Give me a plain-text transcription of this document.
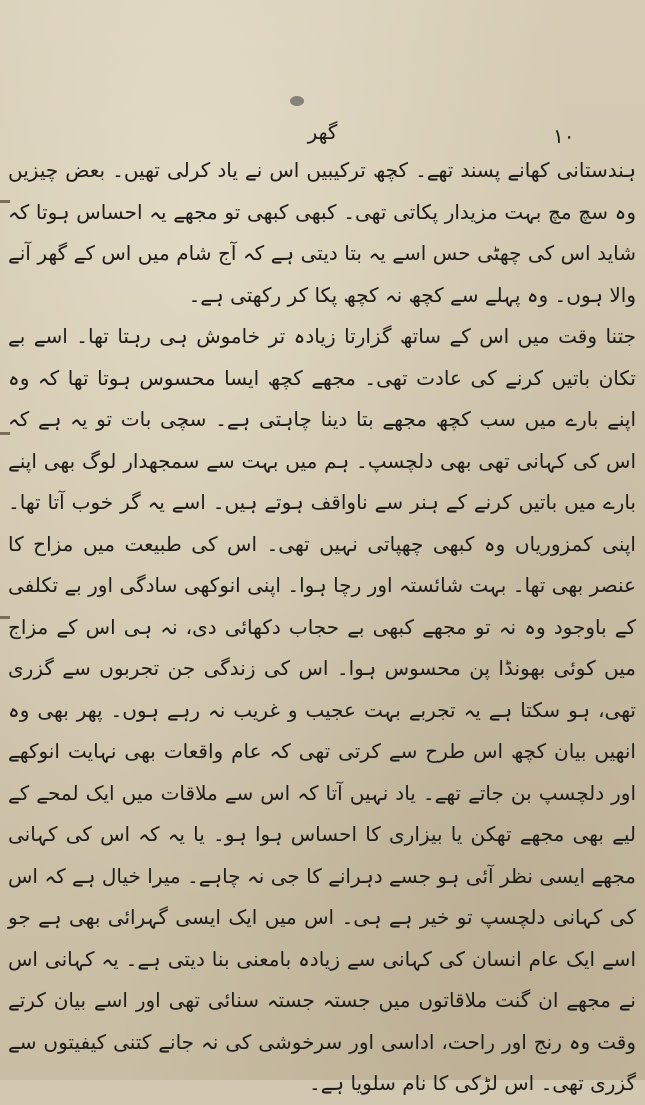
گھر	۱۰

ہندستانی کھانے پسند تھے۔ کچھ ترکیبیں اس نے یاد کرلی تھیں۔ بعض چیزیں وہ سچ مچ بہت مزیدار پکاتی تھی۔ کبھی کبھی تو مجھے یہ احساس ہوتا کہ شاید اس کی چھٹی حس اسے یہ بتا دیتی ہے کہ آج شام میں اس کے گھر آنے والا ہوں۔ وہ پہلے سے کچھ نہ کچھ پکا کر رکھتی ہے۔

جتنا وقت میں اس کے ساتھ گزارتا زیادہ تر خاموش ہی رہتا تھا۔ اسے بے تکان باتیں کرنے کی عادت تھی۔ مجھے کچھ ایسا محسوس ہوتا تھا کہ وہ اپنے بارے میں سب کچھ مجھے بتا دینا چاہتی ہے۔ سچی بات تو یہ ہے کہ اس کی کہانی تھی بھی دلچسپ۔ ہم میں بہت سے سمجھدار لوگ بھی اپنے بارے میں باتیں کرنے کے ہنر سے ناواقف ہوتے ہیں۔ اسے یہ گر خوب آتا تھا۔ اپنی کمزوریاں وہ کبھی چھپاتی نہیں تھی۔ اس کی طبیعت میں مزاح کا عنصر بھی تھا۔ بہت شائستہ اور رچا ہوا۔ اپنی انوکھی سادگی اور بے تکلفی کے باوجود وہ نہ تو مجھے کبھی بے حجاب دکھائی دی، نہ ہی اس کے مزاج میں کوئی بھونڈا پن محسوس ہوا۔ اس کی زندگی جن تجربوں سے گزری تھی، ہو سکتا ہے یہ تجربے بہت عجیب و غریب نہ رہے ہوں۔ پھر بھی وہ انھیں بیان کچھ اس طرح سے کرتی تھی کہ عام واقعات بھی نہایت انوکھے اور دلچسپ بن جاتے تھے۔ یاد نہیں آتا کہ اس سے ملاقات میں ایک لمحے کے لیے بھی مجھے تھکن یا بیزاری کا احساس ہوا ہو۔ یا یہ کہ اس کی کہانی مجھے ایسی نظر آئی ہو جسے دہرانے کا جی نہ چاہے۔ میرا خیال ہے کہ اس کی کہانی دلچسپ تو خیر ہے ہی۔ اس میں ایک ایسی گہرائی بھی ہے جو اسے ایک عام انسان کی کہانی سے زیادہ بامعنی بنا دیتی ہے۔ یہ کہانی اس نے مجھے ان گنت ملاقاتوں میں جستہ جستہ سنائی تھی اور اسے بیان کرتے وقت وہ رنج اور راحت، اداسی اور سرخوشی کی نہ جانے کتنی کیفیتوں سے گزری تھی۔ اس لڑکی کا نام سلویا ہے۔
